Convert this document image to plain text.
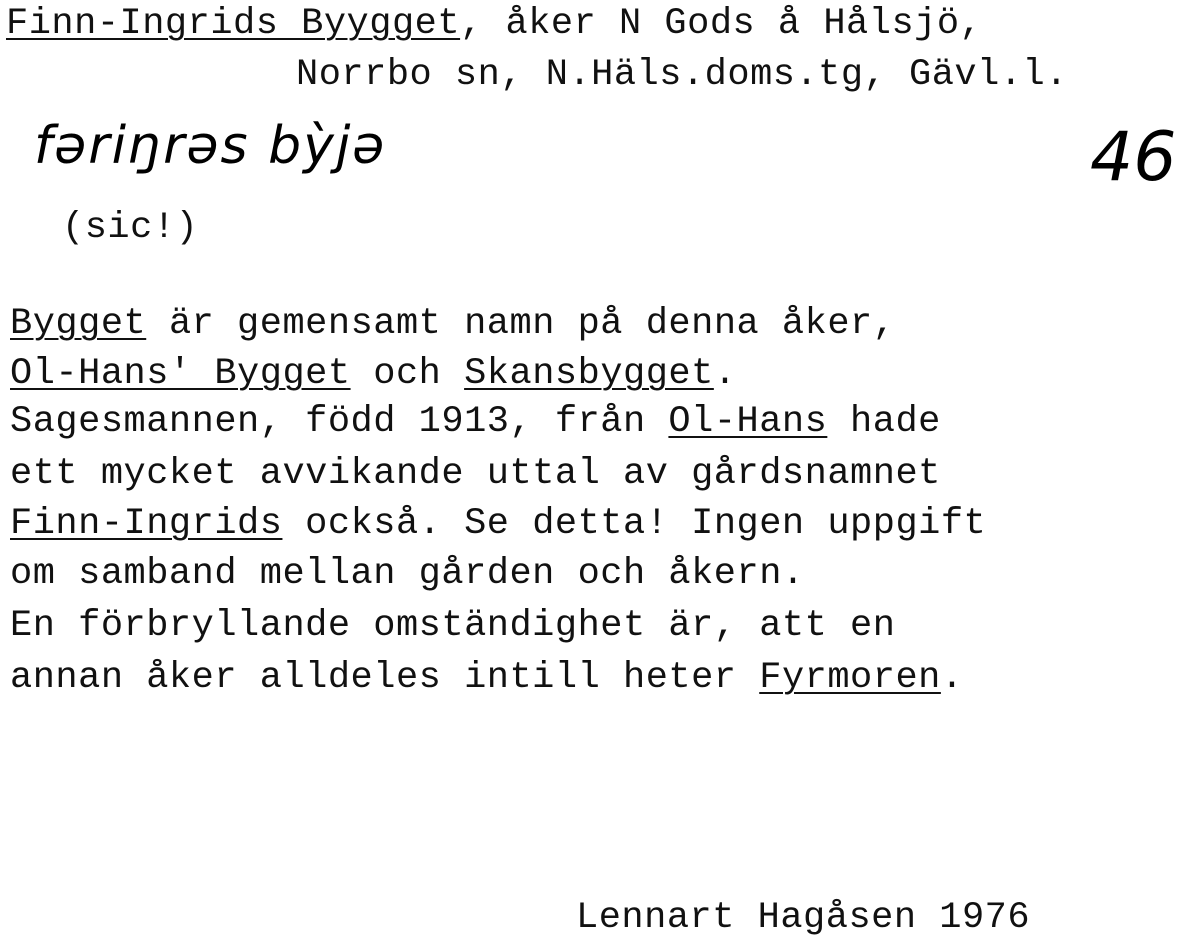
Finn-Ingrids Byygget, åker N Gods å Hålsjö,
Norrbo sn, N.Häls.doms.tg, Gävl.l.
fəriŋrəs bỳjə	46
(sic!)
Bygget är gemensamt namn på denna åker,
Ol-Hans' Bygget och Skansbygget.
Sagesmannen, född 1913, från Ol-Hans hade
ett mycket avvikande uttal av gårdsnamnet
Finn-Ingrids också. Se detta! Ingen uppgift
om samband mellan gården och åkern.
En förbryllande omständighet är, att en
annan åker alldeles intill heter Fyrmoren.
Lennart Hagåsen 1976
